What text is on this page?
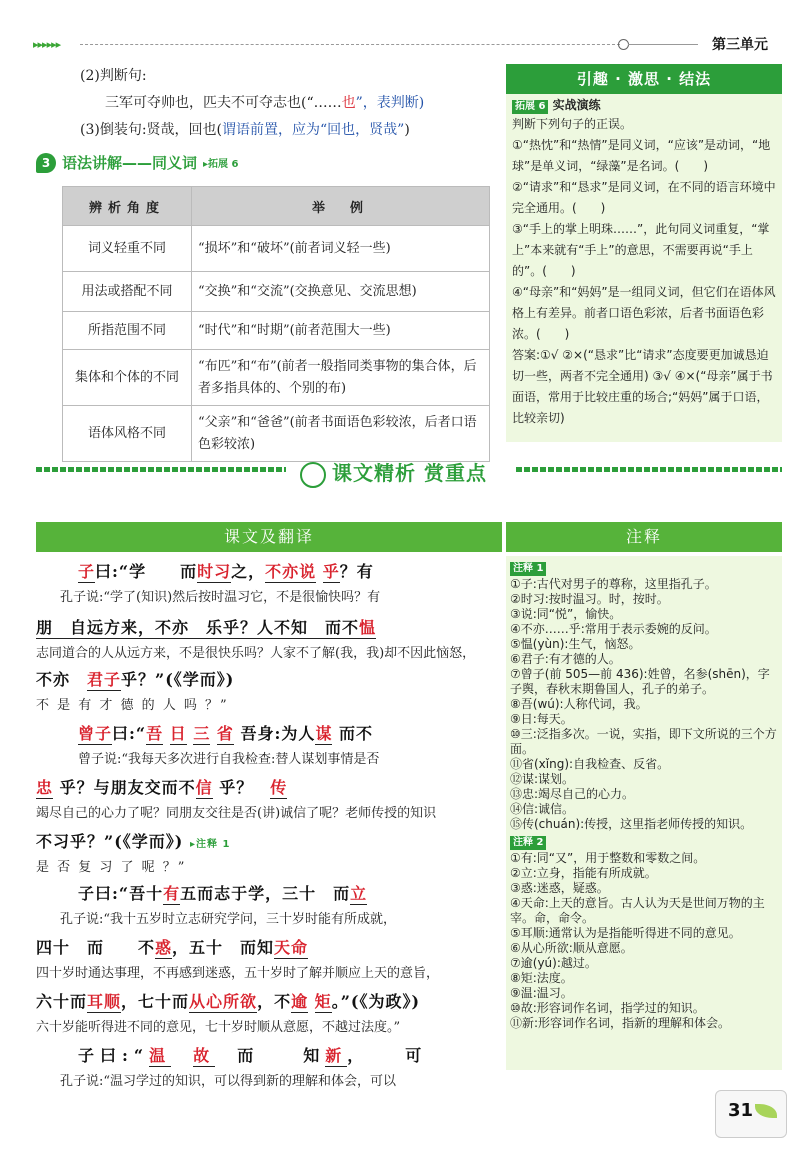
▸▸▸▸▸▸	第三单元
(2)判断句:
三军可夺帅也，匹夫不可夺志也(“……也”，表判断)
(3)倒装句:贤哉，回也(谓语前置，应为“回也，贤哉”)
3 语法讲解——同义词 ▸拓展 6
辨析角度	举　例
词义轻重不同	“损坏”和“破坏”(前者词义轻一些)
用法或搭配不同	“交换”和“交流”(交换意见、交流思想)
所指范围不同	“时代”和“时期”(前者范围大一些)
集体和个体的不同	“布匹”和“布”(前者一般指同类事物的集合体，后者多指具体的、个别的布)
语体风格不同	“父亲”和“爸爸”(前者书面语色彩较浓，后者口语色彩较浓)
引趣 · 激思 · 结法
拓展 6 实战演练
判断下列句子的正误。
①“热忱”和“热情”是同义词，“应该”是动词，“地球”是单义词，“绿藻”是名词。(　　)
②“请求”和“恳求”是同义词，在不同的语言环境中完全通用。(　　)
③“手上的掌上明珠……”，此句同义词重复，“掌上”本来就有“手上”的意思，不需要再说“手上的”。(　　)
④“母亲”和“妈妈”是一组同义词，但它们在语体风格上有差异。前者口语色彩浓，后者书面语色彩浓。(　　)
答案:①√ ②×(“恳求”比“请求”态度要更加诚恳迫切一些，两者不完全通用) ③√ ④×(“母亲”属于书面语，常用于比较庄重的场合;“妈妈”属于口语，比较亲切)
课文精析 赏重点
课文及翻译	注释
子曰:“学　　而时习之，不亦说 乎？有
孔子说:“学了(知识)然后按时温习它，不是很愉快吗？有
朋　自远方来，不亦　乐乎？人不知　而不愠
志同道合的人从远方来，不是很快乐吗？人家不了解(我，我)却不因此恼怒，
不亦　君子乎？”(《学而》)
不 是 有 才 德 的 人 吗 ？”
曾子曰:“吾 日 三 省 吾身:为人谋 而不
曾子说:“我每天多次进行自我检查:替人谋划事情是否
忠 乎？与朋友交而不信 乎？　 传
竭尽自己的心力了呢？同朋友交往是否(讲)诚信了呢？老师传授的知识
不习乎？”(《学而》) ▸注释 1
是 否 复 习 了 呢 ？”
子曰:“吾十有五而志于学，三十　而立
孔子说:“我十五岁时立志研究学问，三十岁时能有所成就，
四十　而　　不惑，五十　而知天命
四十岁时通达事理，不再感到迷惑，五十岁时了解并顺应上天的意旨，
六十而耳顺，七十而从心所欲，不逾 矩。”(《为政》)
六十岁能听得进不同的意见，七十岁时顺从意愿，不越过法度。”
子曰:“温　 故　 而　　知新，　　可
孔子说:“温习学过的知识，可以得到新的理解和体会，可以
注释 1
①子:古代对男子的尊称，这里指孔子。
②时习:按时温习。时，按时。
③说:同“悦”，愉快。
④不亦……乎:常用于表示委婉的反问。
⑤愠(yùn):生气，恼怒。
⑥君子:有才德的人。
⑦曾子(前 505—前 436):姓曾，名参(shēn)，字子舆，春秋末期鲁国人，孔子的弟子。
⑧吾(wú):人称代词，我。
⑨日:每天。
⑩三:泛指多次。一说，实指，即下文所说的三个方面。
⑪省(xǐng):自我检查、反省。
⑫谋:谋划。
⑬忠:竭尽自己的心力。
⑭信:诚信。
⑮传(chuán):传授，这里指老师传授的知识。
注释 2
①有:同“又”，用于整数和零数之间。
②立:立身，指能有所成就。
③惑:迷惑，疑惑。
④天命:上天的意旨。古人认为天是世间万物的主宰。命，命令。
⑤耳顺:通常认为是指能听得进不同的意见。
⑥从心所欲:顺从意愿。
⑦逾(yú):越过。
⑧矩:法度。
⑨温:温习。
⑩故:形容词作名词，指学过的知识。
⑪新:形容词作名词，指新的理解和体会。
31
